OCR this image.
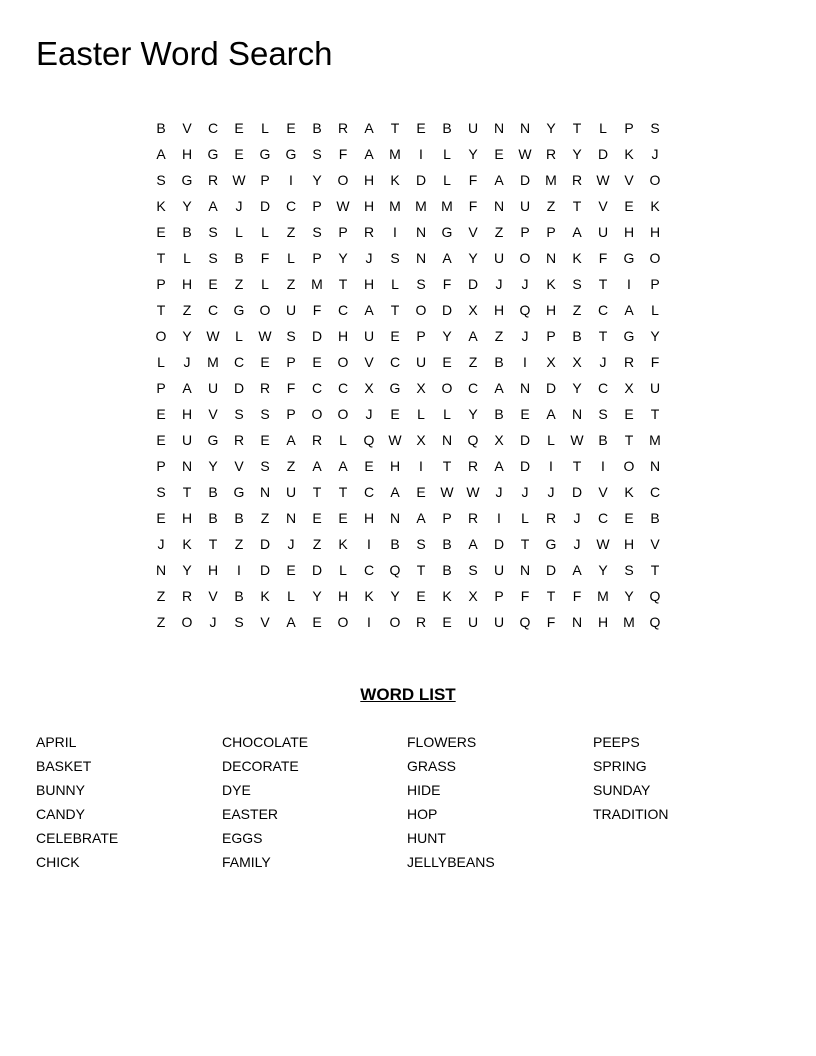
Easter Word Search
B	V	C	E	L	E	B	R	A	T	E	B	U	N	N	Y	T	L	P	S
A	H	G	E	G	G	S	F	A	M	I	L	Y	E	W	R	Y	D	K	J
S	G	R	W	P	I	Y	O	H	K	D	L	F	A	D	M	R	W	V	O
K	Y	A	J	D	C	P	W	H	M	M	M	F	N	U	Z	T	V	E	K
E	B	S	L	L	Z	S	P	R	I	N	G	V	Z	P	P	A	U	H	H
T	L	S	B	F	L	P	Y	J	S	N	A	Y	U	O	N	K	F	G	O
P	H	E	Z	L	Z	M	T	H	L	S	F	D	J	J	K	S	T	I	P
T	Z	C	G	O	U	F	C	A	T	O	D	X	H	Q	H	Z	C	A	L
O	Y	W	L	W	S	D	H	U	E	P	Y	A	Z	J	P	B	T	G	Y
L	J	M	C	E	P	E	O	V	C	U	E	Z	B	I	X	X	J	R	F
P	A	U	D	R	F	C	C	X	G	X	O	C	A	N	D	Y	C	X	U
E	H	V	S	S	P	O	O	J	E	L	L	Y	B	E	A	N	S	E	T
E	U	G	R	E	A	R	L	Q W	X	N	Q	X	D	L	W	B	T	M
P	N	Y	V	S	Z	A	A	E	H	I	T	R	A	D	I	T	I	O	N
S	T	B	G	N	U	T	T	C	A	E	W W	J	J	J	D	V	K	C
E	H	B	B	Z	N	E	E	H	N	A	P	R	I	L	R	J	C	E	B
J	K	T	Z	D	J	Z	K	I	B	S	B	A	D	T	G	J	W	H	V
N	Y	H	I	D	E	D	L	C	Q	T	B	S	U	N	D	A	Y	S	T
Z	R	V	B	K	L	Y	H	K	Y	E	K	X	P	F	T	F	M	Y	Q
Z	O	J	S	V	A	E	O	I	O	R	E	U	U	Q	F	N	H	M	Q
WORD LIST
APRIL
BASKET
BUNNY
CANDY
CELEBRATE
CHICK
CHOCOLATE
DECORATE
DYE
EASTER
EGGS
FAMILY
FLOWERS
GRASS
HIDE
HOP
HUNT
JELLYBEANS
PEEPS
SPRING
SUNDAY
TRADITION
